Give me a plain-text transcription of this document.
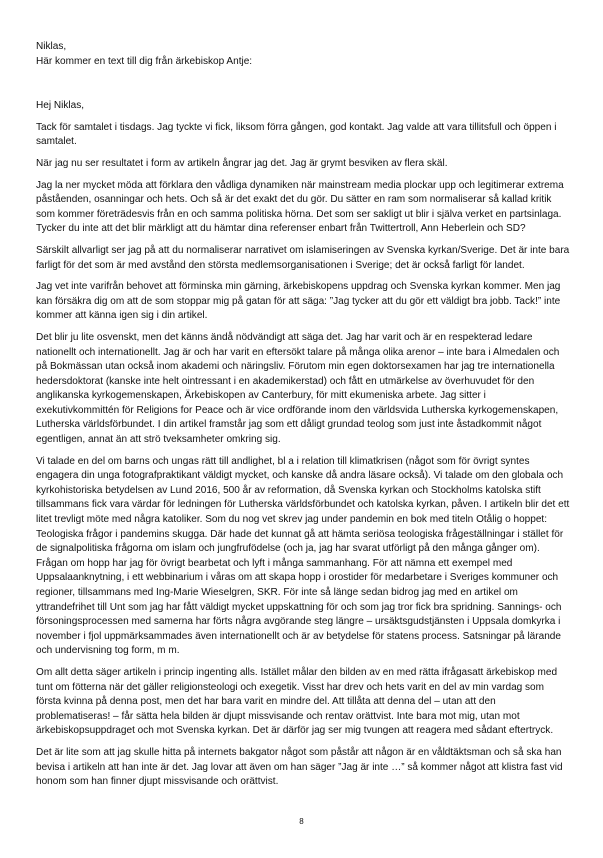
Niklas,
Här kommer en text till dig från ärkebiskop Antje:

Hej Niklas,

Tack för samtalet i tisdags. Jag tyckte vi fick, liksom förra gången, god kontakt. Jag valde att vara tillitsfull och öppen i samtalet.

När jag nu ser resultatet i form av artikeln ångrar jag det. Jag är grymt besviken av flera skäl.

Jag la ner mycket möda att förklara den vådliga dynamiken när mainstream media plockar upp och legitimerar extrema påståenden, osanningar och hets. Och så är det exakt det du gör. Du sätter en ram som normaliserar så kallad kritik som kommer företrädesvis från en och samma politiska hörna. Det som ser sakligt ut blir i själva verket en partsinlaga. Tycker du inte att det blir märkligt att du hämtar dina referenser enbart från Twittertroll, Ann Heberlein och SD?

Särskilt allvarligt ser jag på att du normaliserar narrativet om islamiseringen av Svenska kyrkan/Sverige. Det är inte bara farligt för det som är med avstånd den största medlemsorganisationen i Sverige; det är också farligt för landet.

Jag vet inte varifrån behovet att förminska min gärning, ärkebiskopens uppdrag och Svenska kyrkan kommer. Men jag kan försäkra dig om att de som stoppar mig på gatan för att säga: ”Jag tycker att du gör ett väldigt bra jobb. Tack!” inte kommer att känna igen sig i din artikel.

Det blir ju lite osvenskt, men det känns ändå nödvändigt att säga det. Jag har varit och är en respekterad ledare nationellt och internationellt. Jag är och har varit en eftersökt talare på många olika arenor – inte bara i Almedalen och på Bokmässan utan också inom akademi och näringsliv. Förutom min egen doktorsexamen har jag tre internationella hedersdoktorat (kanske inte helt ointressant i en akademikerstad) och fått en utmärkelse av överhuvudet för den anglikanska kyrkogemenskapen, Ärkebiskopen av Canterbury, för mitt ekumeniska arbete. Jag sitter i exekutivkommittén för Religions for Peace och är vice ordförande inom den världsvida Lutherska kyrkogemenskapen, Lutherska världsförbundet. I din artikel framstår jag som ett dåligt grundad teolog som just inte åstadkommit något egentligen, annat än att strö tveksamheter omkring sig.

Vi talade en del om barns och ungas rätt till andlighet, bl a i relation till klimatkrisen (något som för övrigt syntes engagera din unga fotografpraktikant väldigt mycket, och kanske då andra läsare också). Vi talade om den globala och kyrkohistoriska betydelsen av Lund 2016, 500 år av reformation, då Svenska kyrkan och Stockholms katolska stift tillsammans fick vara värdar för ledningen för Lutherska världsförbundet och katolska kyrkan, påven. I artikeln blir det ett litet trevligt möte med några katoliker. Som du nog vet skrev jag under pandemin en bok med titeln Otålig o hoppet: Teologiska frågor i pandemins skugga. Där hade det kunnat gå att hämta seriösa teologiska frågeställningar i stället för de signalpolitiska frågorna om islam och jungfrufödelse (och ja, jag har svarat utförligt på den många gånger om). Frågan om hopp har jag för övrigt bearbetat och lyft i många sammanhang. För att nämna ett exempel med Uppsalaanknytning, i ett webbinarium i våras om att skapa hopp i orostider för medarbetare i Sveriges kommuner och regioner, tillsammans med Ing-Marie Wieselgren, SKR. För inte så länge sedan bidrog jag med en artikel om yttrandefrihet till Unt som jag har fått väldigt mycket uppskattning för och som jag tror fick bra spridning. Sannings- och försoningsprocessen med samerna har förts några avgörande steg längre – ursäktsgudstjänsten i Uppsala domkyrka i november i fjol uppmärksammades även internationellt och är av betydelse för statens process. Satsningar på lärande och undervisning tog form, m m.

Om allt detta säger artikeln i princip ingenting alls. Istället målar den bilden av en med rätta ifrågasatt ärkebiskop med tunt om fötterna när det gäller religionsteologi och exegetik. Visst har drev och hets varit en del av min vardag som första kvinna på denna post, men det har bara varit en mindre del. Att tillåta att denna del – utan att den problematiseras! – får sätta hela bilden är djupt missvisande och rentav orättvist. Inte bara mot mig, utan mot ärkebiskopsuppdraget och mot Svenska kyrkan. Det är därför jag ser mig tvungen att reagera med sådant eftertryck.

Det är lite som att jag skulle hitta på internets bakgator något som påstår att någon är en våldtäktsman och så ska han bevisa i artikeln att han inte är det. Jag lovar att även om han säger ”Jag är inte …” så kommer något att klistra fast vid honom som han finner djupt missvisande och orättvist.

8
